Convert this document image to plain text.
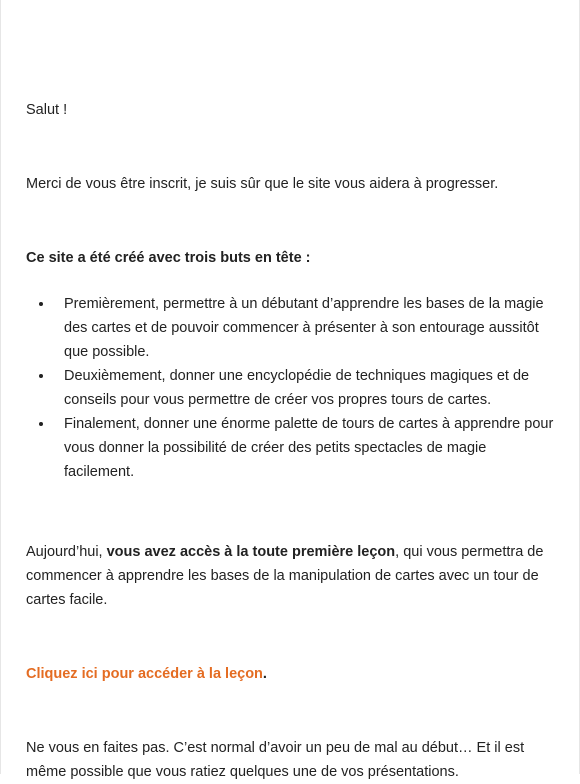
Salut !

Merci de vous être inscrit, je suis sûr que le site vous aidera à progresser.

Ce site a été créé avec trois buts en tête :

• Premièrement, permettre à un débutant d’apprendre les bases de la magie des cartes et de pouvoir commencer à présenter à son entourage aussitôt que possible.
• Deuxièmement, donner une encyclopédie de techniques magiques et de conseils pour vous permettre de créer vos propres tours de cartes.
• Finalement, donner une énorme palette de tours de cartes à apprendre pour vous donner la possibilité de créer des petits spectacles de magie facilement.

Aujourd’hui, vous avez accès à la toute première leçon, qui vous permettra de commencer à apprendre les bases de la manipulation de cartes avec un tour de cartes facile.

Cliquez ici pour accéder à la leçon.

Ne vous en faites pas. C’est normal d’avoir un peu de mal au début… Et il est même possible que vous ratiez quelques une de vos présentations.
